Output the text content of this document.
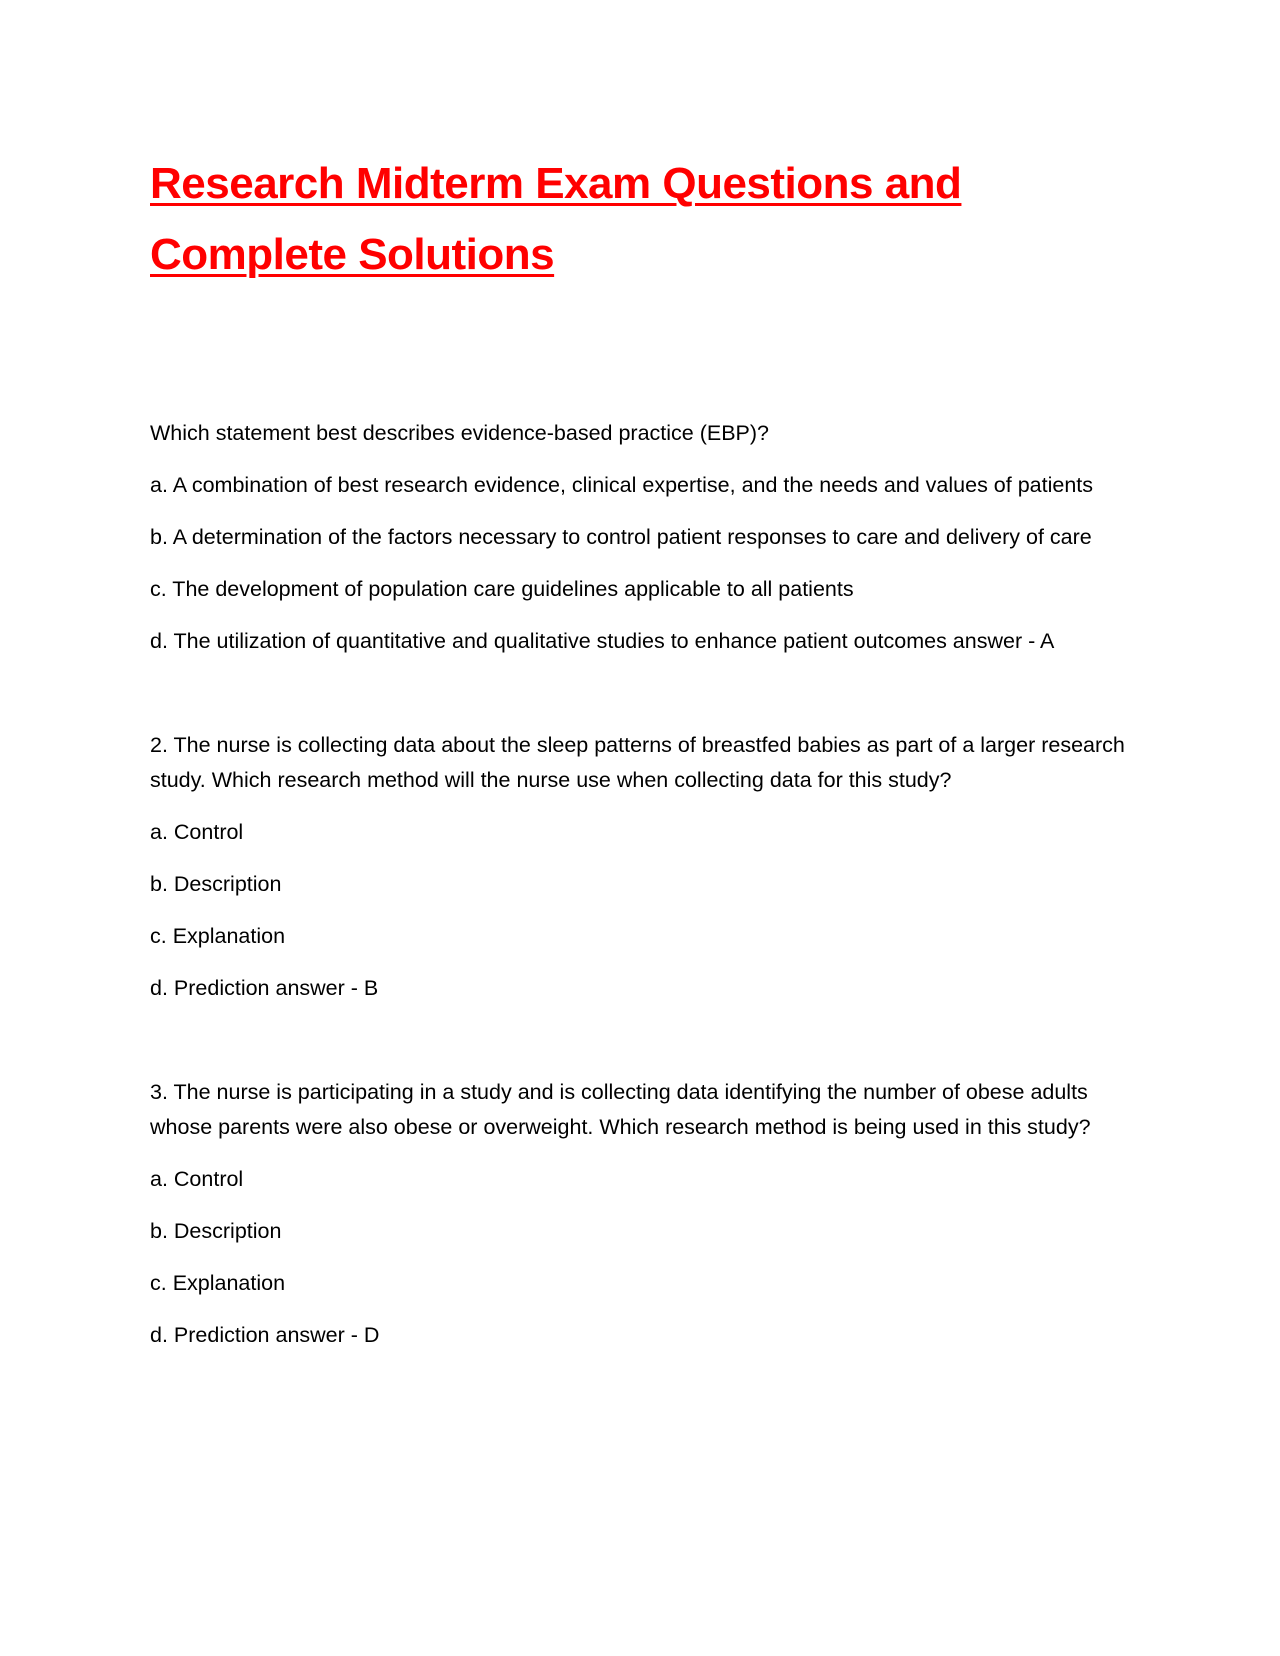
Research Midterm Exam Questions and
Complete Solutions

Which statement best describes evidence-based practice (EBP)?

a. A combination of best research evidence, clinical expertise, and the needs and values of patients

b. A determination of the factors necessary to control patient responses to care and delivery of care

c. The development of population care guidelines applicable to all patients

d. The utilization of quantitative and qualitative studies to enhance patient outcomes answer - A

2. The nurse is collecting data about the sleep patterns of breastfed babies as part of a larger research study. Which research method will the nurse use when collecting data for this study?

a. Control

b. Description

c. Explanation

d. Prediction answer - B

3. The nurse is participating in a study and is collecting data identifying the number of obese adults whose parents were also obese or overweight. Which research method is being used in this study?

a. Control

b. Description

c. Explanation

d. Prediction answer - D
